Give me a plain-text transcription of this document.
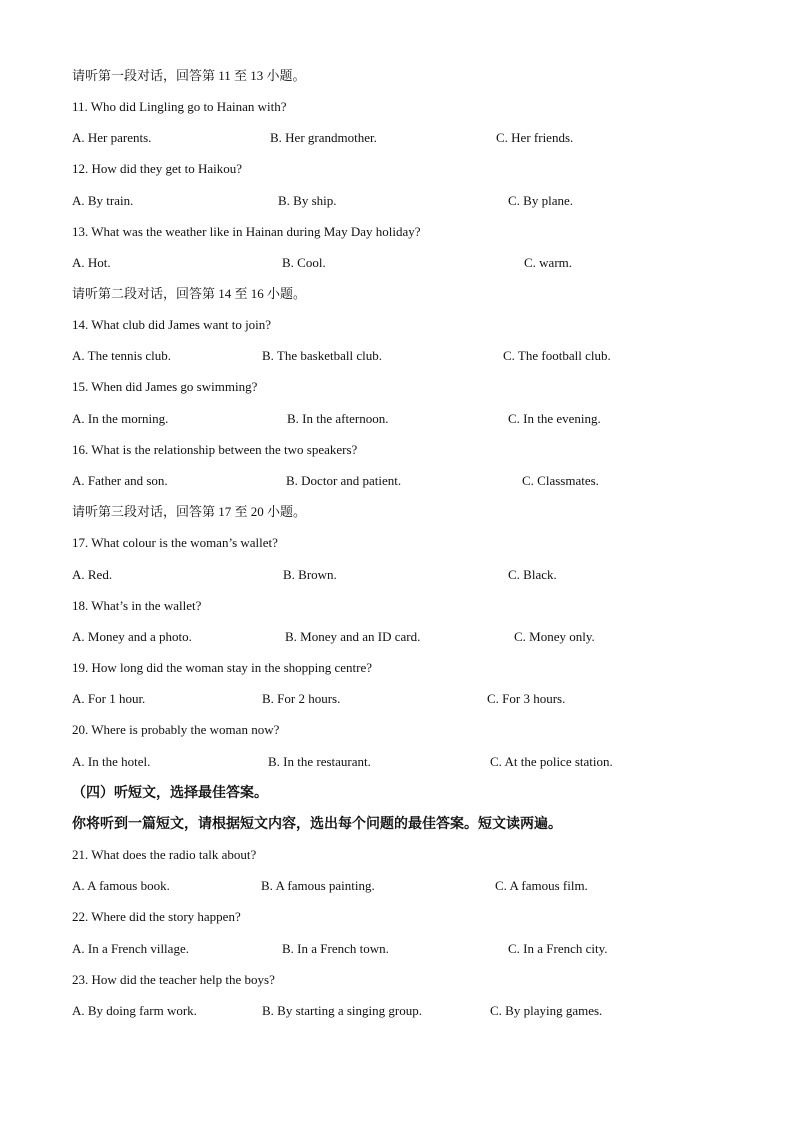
请听第一段对话，回答第 11 至 13 小题。
11. Who did Lingling go to Hainan with?
A. Her parents.	B. Her grandmother.	C. Her friends.
12. How did they get to Haikou?
A. By train.	B. By ship.	C. By plane.
13. What was the weather like in Hainan during May Day holiday?
A. Hot.	B. Cool.	C. warm.
请听第二段对话，回答第 14 至 16 小题。
14. What club did James want to join?
A. The tennis club.	B. The basketball club.	C. The football club.
15. When did James go swimming?
A. In the morning.	B. In the afternoon.	C. In the evening.
16. What is the relationship between the two speakers?
A. Father and son.	B. Doctor and patient.	C. Classmates.
请听第三段对话，回答第 17 至 20 小题。
17. What colour is the woman’s wallet?
A. Red.	B. Brown.	C. Black.
18. What’s in the wallet?
A. Money and a photo.	B. Money and an ID card.	C. Money only.
19. How long did the woman stay in the shopping centre?
A. For 1 hour.	B. For 2 hours.	C. For 3 hours.
20. Where is probably the woman now?
A. In the hotel.	B. In the restaurant.	C. At the police station.
（四）听短文，选择最佳答案。
你将听到一篇短文，请根据短文内容，选出每个问题的最佳答案。短文读两遍。
21. What does the radio talk about?
A. A famous book.	B. A famous painting.	C. A famous film.
22. Where did the story happen?
A. In a French village.	B. In a French town.	C. In a French city.
23. How did the teacher help the boys?
A. By doing farm work.	B. By starting a singing group.	C. By playing games.
